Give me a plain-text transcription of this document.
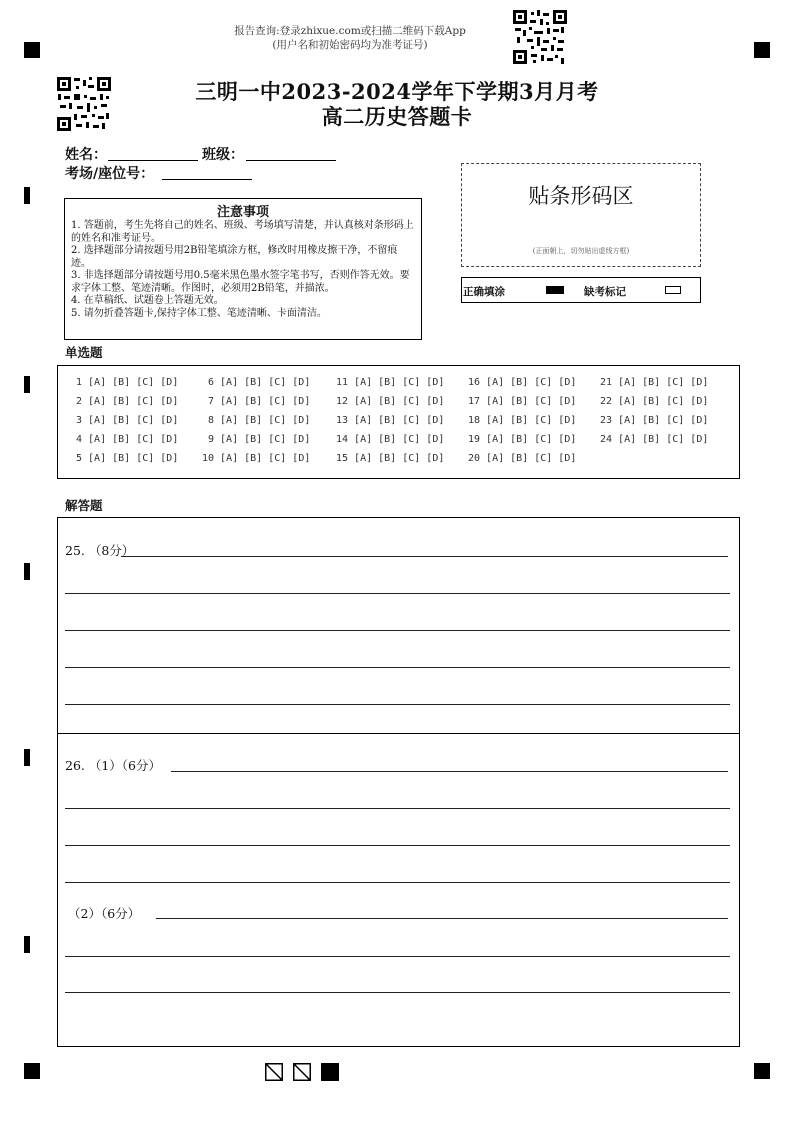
报告查询:登录zhixue.com或扫描二维码下载App
(用户名和初始密码均为准考证号)
三明一中2023-2024学年下学期3月月考
高二历史答题卡
姓名：	班级：
考场/座位号：
注意事项
1. 答题前，考生先将自己的姓名、班级、考场填写清楚，并认真核对条形码上的姓名和准考证号。
2. 选择题部分请按题号用2B铅笔填涂方框，修改时用橡皮擦干净，不留痕迹。
3. 非选择题部分请按题号用0.5毫米黑色墨水签字笔书写，否则作答无效。要求字体工整、笔迹清晰。作图时，必须用2B铅笔，并描浓。
4. 在草稿纸、试题卷上答题无效。
5. 请勿折叠答题卡,保持字体工整、笔迹清晰、卡面清洁。
贴条形码区
(正面朝上，切勿贴出虚线方框)
正确填涂	缺考标记
单选题
1 [A] [B] [C] [D]
2 [A] [B] [C] [D]
3 [A] [B] [C] [D]
4 [A] [B] [C] [D]
5 [A] [B] [C] [D]
6 [A] [B] [C] [D]
7 [A] [B] [C] [D]
8 [A] [B] [C] [D]
9 [A] [B] [C] [D]
10 [A] [B] [C] [D]
11 [A] [B] [C] [D]
12 [A] [B] [C] [D]
13 [A] [B] [C] [D]
14 [A] [B] [C] [D]
15 [A] [B] [C] [D]
16 [A] [B] [C] [D]
17 [A] [B] [C] [D]
18 [A] [B] [C] [D]
19 [A] [B] [C] [D]
20 [A] [B] [C] [D]
21 [A] [B] [C] [D]
22 [A] [B] [C] [D]
23 [A] [B] [C] [D]
24 [A] [B] [C] [D]
解答题
25. （8分）
26. （1）（6分）
（2）（6分）
